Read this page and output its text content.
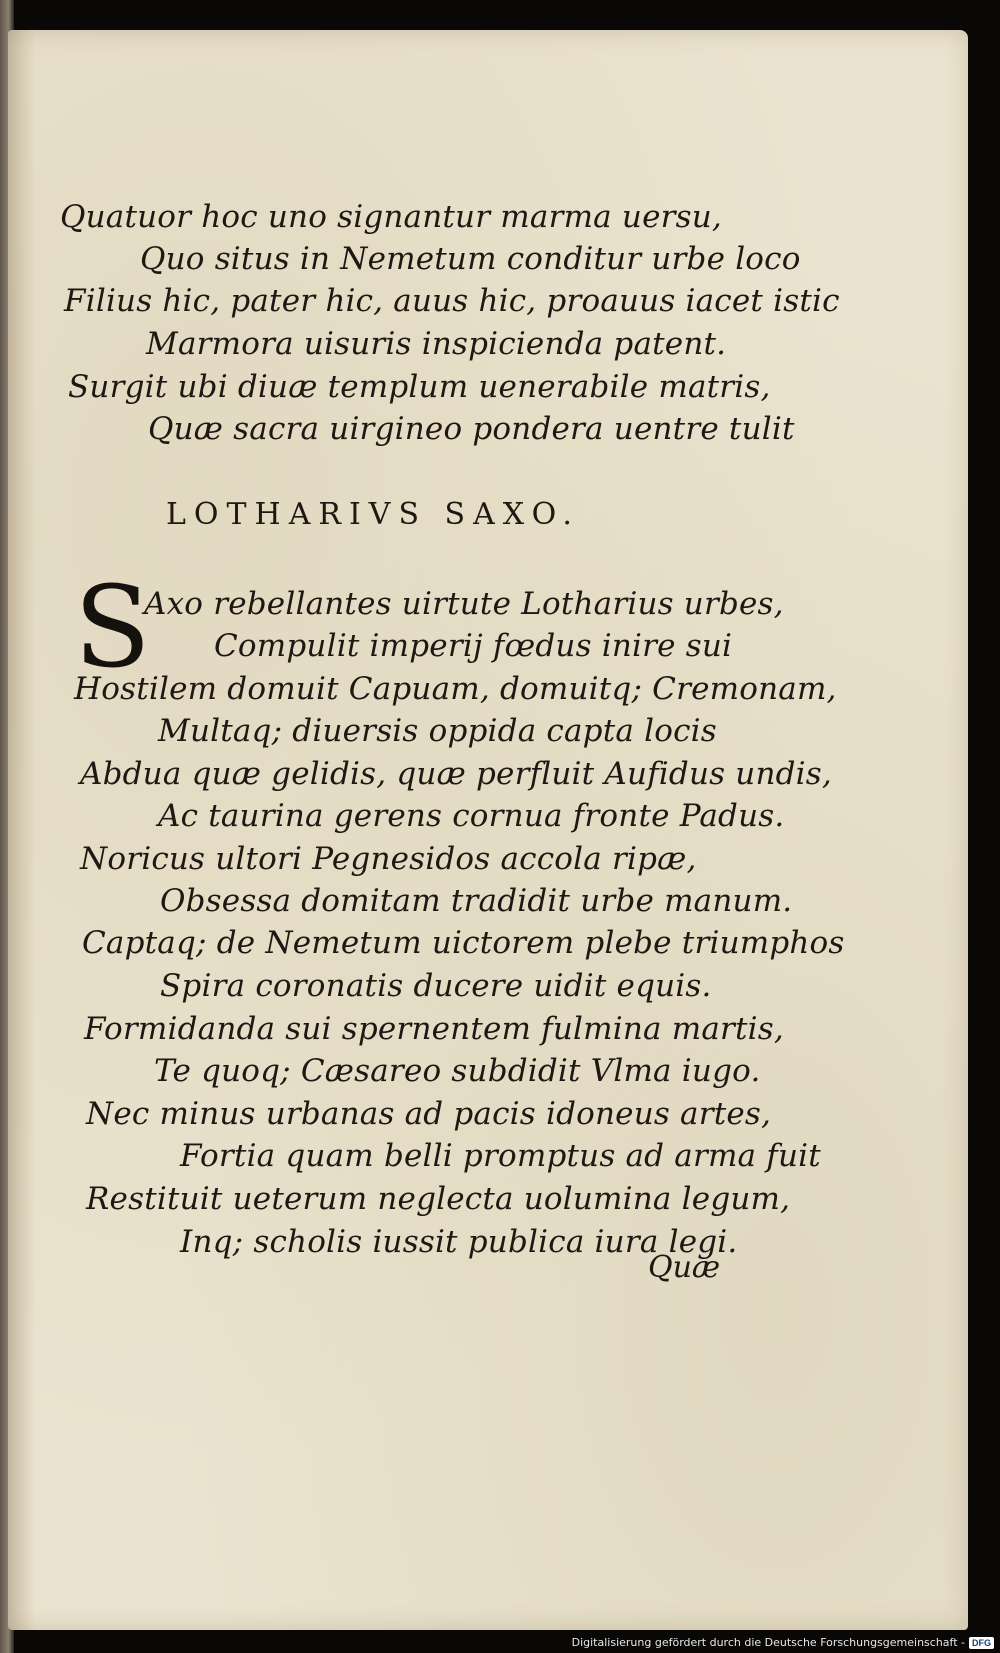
Quatuor hoc uno signantur marma uersu,
Quo situs in Nemetum conditur urbe loco
Filius hic, pater hic, auus hic, proauus iacet istic
Marmora uisuris inspicienda patent.
Surgit ubi diuæ templum uenerabile matris,
Quæ sacra uirgineo pondera uentre tulit
LOTHARIVS SAXO.
S
Axo rebellantes uirtute Lotharius urbes,
Compulit imperij fœdus inire sui
Hostilem domuit Capuam, domuitq; Cremonam,
Multaq; diuersis oppida capta locis
Abdua quæ gelidis, quæ perfluit Aufidus undis,
Ac taurina gerens cornua fronte Padus.
Noricus ultori Pegnesidos accola ripæ,
Obsessa domitam tradidit urbe manum.
Captaq; de Nemetum uictorem plebe triumphos
Spira coronatis ducere uidit equis.
Formidanda sui spernentem fulmina martis,
Te quoq; Cæsareo subdidit Vlma iugo.
Nec minus urbanas ad pacis idoneus artes,
Fortia quam belli promptus ad arma fuit
Restituit ueterum neglecta uolumina legum,
Inq; scholis iussit publica iura legi.
Quæ
Digitalisierung gefördert durch die Deutsche Forschungsgemeinschaft - DFG
